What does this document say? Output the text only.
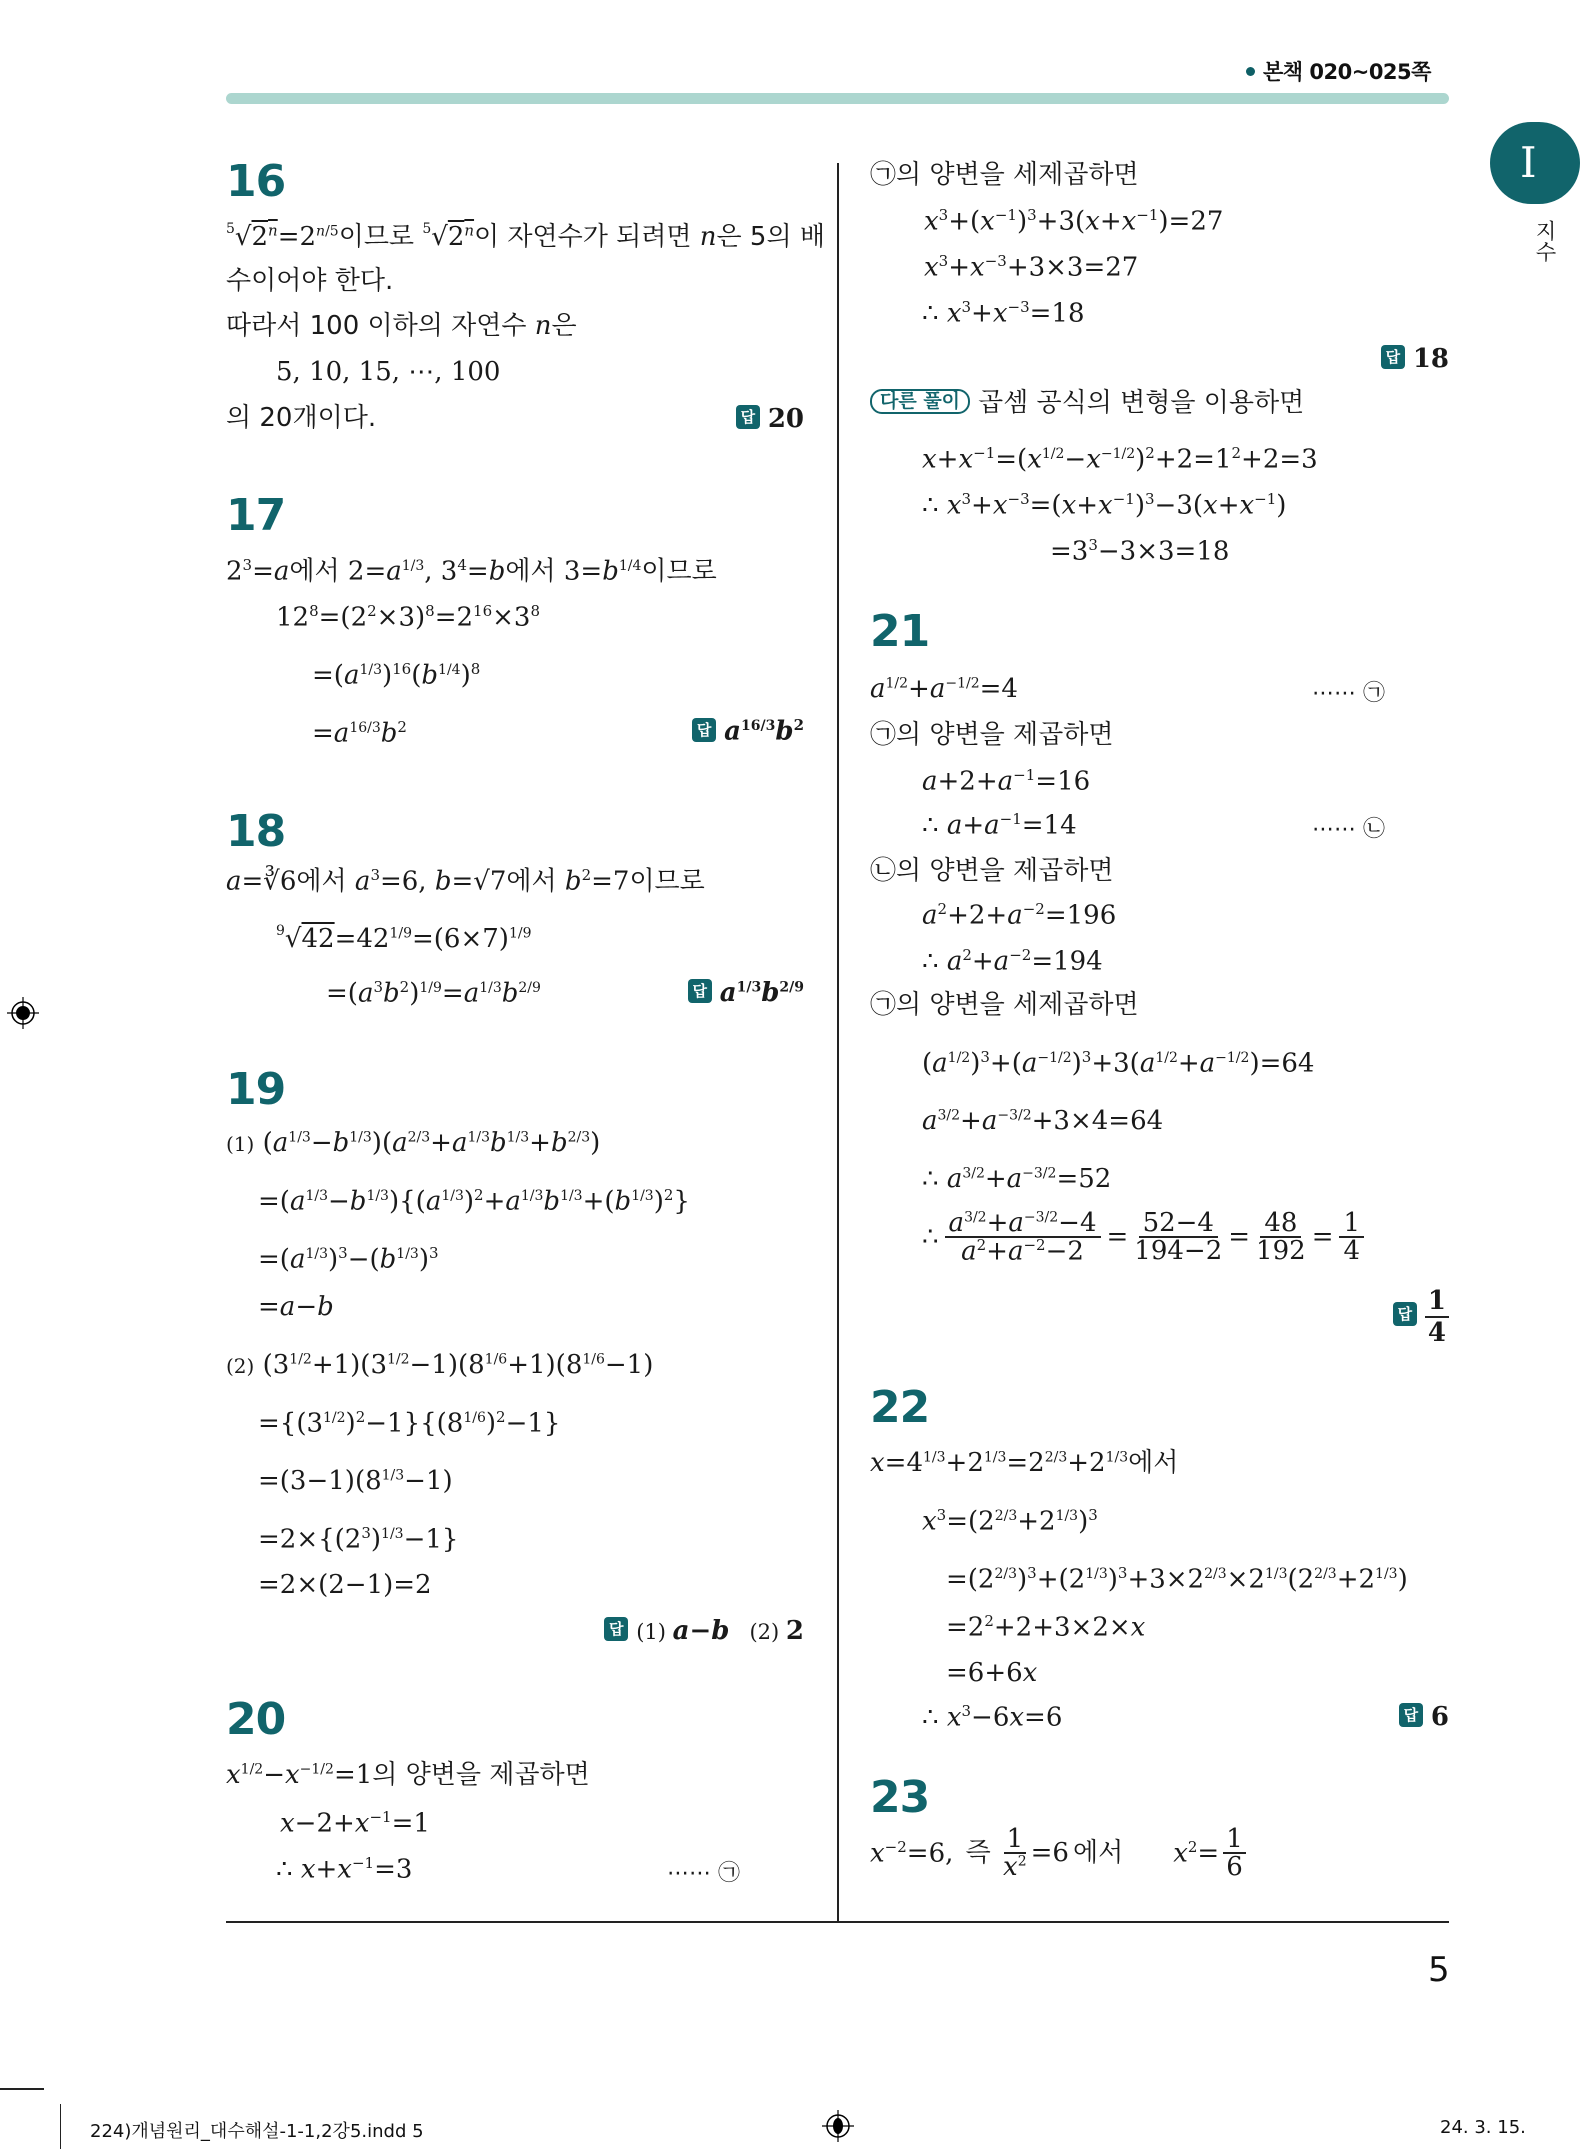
본책 020~025쪽
I
지수
16
$^5√2^n=2^{n/5}$이므로 $^5$√2$^n$이 자연수가 되려면 n은 5의 배
수이어야 한다.
따라서 100 이하의 자연수 n은
5, 10, 15, ⋯, 100
의 20개이다.	답 20
17
$2^3=a$에서 $2=a^{1/3}$, $3^4=b$에서 $3=b^{1/4}$이므로
$12^8=(2^2\times 3)^8=2^{16}\times 3^8$
$=(a^{1/3})^{16}(b^{1/4})^8$
$=a^{16/3}b^2$	답 $a^{16/3}b^2$
18
a=∛6에서 $a^3=6$, b=√7에서 $b^2=7$이므로
$^9√42=42^{1/9}=(6\times 7)^{1/9}$
$=(a^3b^2)^{1/9}=a^{1/3}b^{2/9}$	답 $a^{1/3}b^{2/9}$
19
(1) $(a^{1/3}-b^{1/3})(a^{2/3}+a^{1/3}b^{1/3}+b^{2/3})$
$=(a^{1/3}-b^{1/3})\{(a^{1/3})^2+a^{1/3}b^{1/3}+(b^{1/3})^2\}$
$=(a^{1/3})^3-(b^{1/3})^3$
=a−b
(2) $(3^{1/2}+1)(3^{1/2}-1)(8^{1/6}+1)(8^{1/6}-1)$
$=\{(3^{1/2})^2-1\}\{(8^{1/6})^2-1\}$
$=(3-1)(8^{1/3}-1)$
$=2\times\{(2^3)^{1/3}-1\}$
=2×(2−1)=2
답 (1) a−b   (2) 2
20
$x^{1/2}-x^{-1/2}=1$의 양변을 제곱하면
$x-2+x^{-1}=1$
∴ $x+x^{-1}=3$	⋯⋯ ㉠
㉠의 양변을 세제곱하면
$x^3+(x^{-1})^3+3(x+x^{-1})=27$
$x^3+x^{-3}+3\times 3=27$
∴ $x^3+x^{-3}=18$
답 18
다른 풀이 곱셈 공식의 변형을 이용하면
$x+x^{-1}=(x^{1/2}-x^{-1/2})^2+2=1^2+2=3$
∴ $x^3+x^{-3}=(x+x^{-1})^3-3(x+x^{-1})$
$=3^3-3\times 3=18$
21
$a^{1/2}+a^{-1/2}=4$	⋯⋯ ㉠
㉠의 양변을 제곱하면
$a+2+a^{-1}=16$
∴ $a+a^{-1}=14$	⋯⋯ ㉡
㉡의 양변을 제곱하면
$a^2+2+a^{-2}=196$
∴ $a^2+a^{-2}=194$
㉠의 양변을 세제곱하면
$(a^{1/2})^3+(a^{-1/2})^3+3(a^{1/2}+a^{-1/2})=64$
$a^{3/2}+a^{-3/2}+3\times 4=64$
∴ $a^{3/2}+a^{-3/2}=52$
∴ $\frac{a^{3/2}+a^{-3/2}-4}{a^2+a^{-2}-2} = \frac{52-4}{194-2} = \frac{48}{192} = \frac{1}{4}$
답 1
4
22
$x=4^{1/3}+2^{1/3}=2^{2/3}+2^{1/3}$에서
$x^3=(2^{2/3}+2^{1/3})^3$
$=(2^{2/3})^3+(2^{1/3})^3+3\times 2^{2/3}\times 2^{1/3}(2^{2/3}+2^{1/3})$
$=2^2+2+3\times 2\times x$
=6+6x
∴ $x^3-6x=6$	답 6
23
$x^{-2}=6$, 즉 $\frac{1}{x^2} =6$ 에서 $x^2= \frac{1}{6}$
5
224)개념원리_대수해설-1-1,2강5.indd 5	24. 3. 15.
